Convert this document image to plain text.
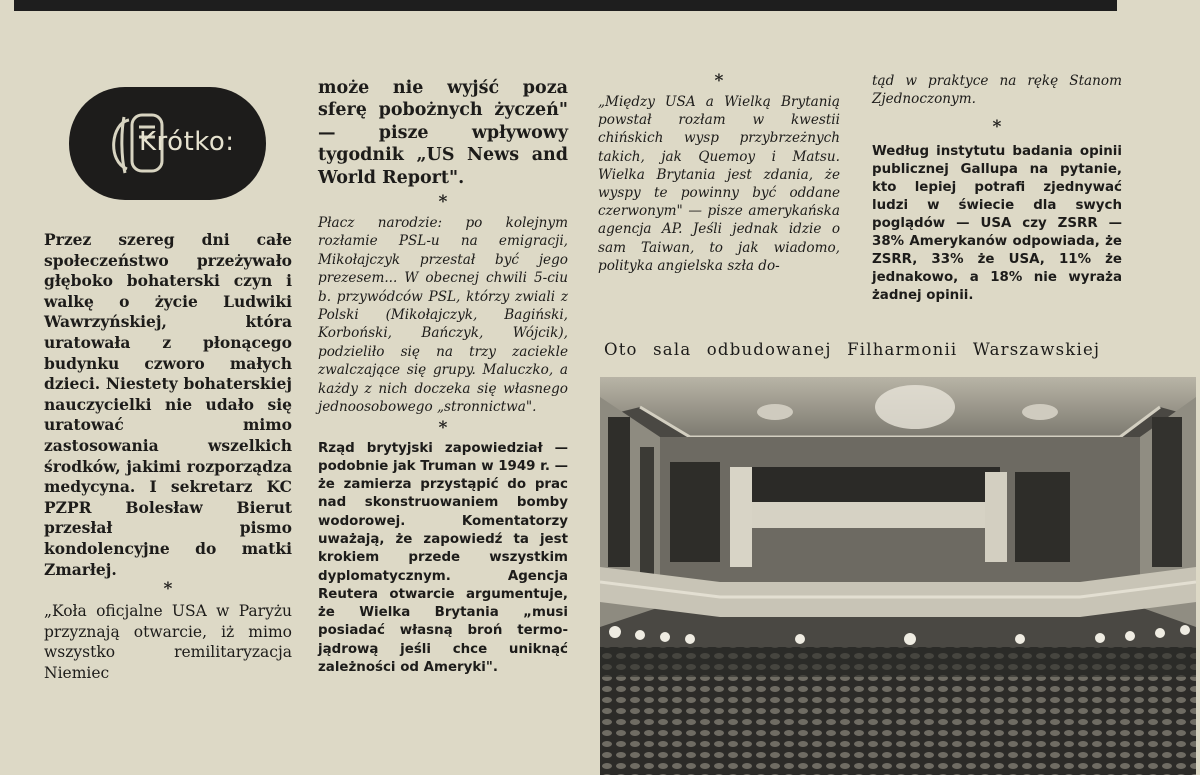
Krótko:

Przez szereg dni całe społeczeństwo przeżywało głęboko bohaterski czyn i walkę o życie Ludwiki Wawrzyńskiej, która uratowała z płonącego budynku czworo małych dzieci. Niestety bohaterskiej nauczycielki nie udało się uratować mimo zastosowania wszelkich środków, jakimi rozporządza medycyna. I sekretarz KC PZPR Bolesław Bierut przesłał pismo kondolencyjne do matki Zmarłej.

*

„Koła oficjalne USA w Paryżu przyznają otwarcie, iż mimo wszystko remilitaryzacja Niemiec

może nie wyjść poza sferę pobożnych życzeń" — pisze wpływowy tygodnik „US News and World Report".

*

Płacz narodzie: po kolejnym rozłamie PSL-u na emigracji, Mikołajczyk przestał być jego prezesem... W obecnej chwili 5-ciu b. przywódców PSL, którzy zwiali z Polski (Mikołajczyk, Bagiński, Korboński, Bańczyk, Wójcik), podzieliło się na trzy zaciekle zwalczające się grupy. Maluczko, a każdy z nich doczeka się własnego jednoosobowego „stronnictwa".

*

Rząd brytyjski zapowiedział — podobnie jak Truman w 1949 r. — że zamierza przystąpić do prac nad skonstruowaniem bomby wodorowej. Komentatorzy uważają, że zapowiedź ta jest krokiem przede wszystkim dyplomatycznym. Agencja Reutera otwarcie argumentuje, że Wielka Brytania „musi posiadać własną broń termo-jądrową jeśli chce uniknąć zależności od Ameryki".

*

„Między USA a Wielką Brytanią powstał rozłam w kwestii chińskich wysp przybrzeżnych takich, jak Quemoy i Matsu. Wielka Brytania jest zdania, że wyspy te powinny być oddane czerwonym" — pisze amerykańska agencja AP. Jeśli jednak idzie o sam Taiwan, to jak wiadomo, polityka angielska szła do-

tąd w praktyce na rękę Stanom Zjednoczonym.

*

Według instytutu badania opinii publicznej Gallupa na pytanie, kto lepiej potrafi zjednywać ludzi w świecie dla swych poglądów — USA czy ZSRR — 38% Amerykanów odpowiada, że ZSRR, 33% że USA, 11% że jednakowo, a 18% nie wyraża żadnej opinii.

Oto sala odbudowanej Filharmonii Warszawskiej
